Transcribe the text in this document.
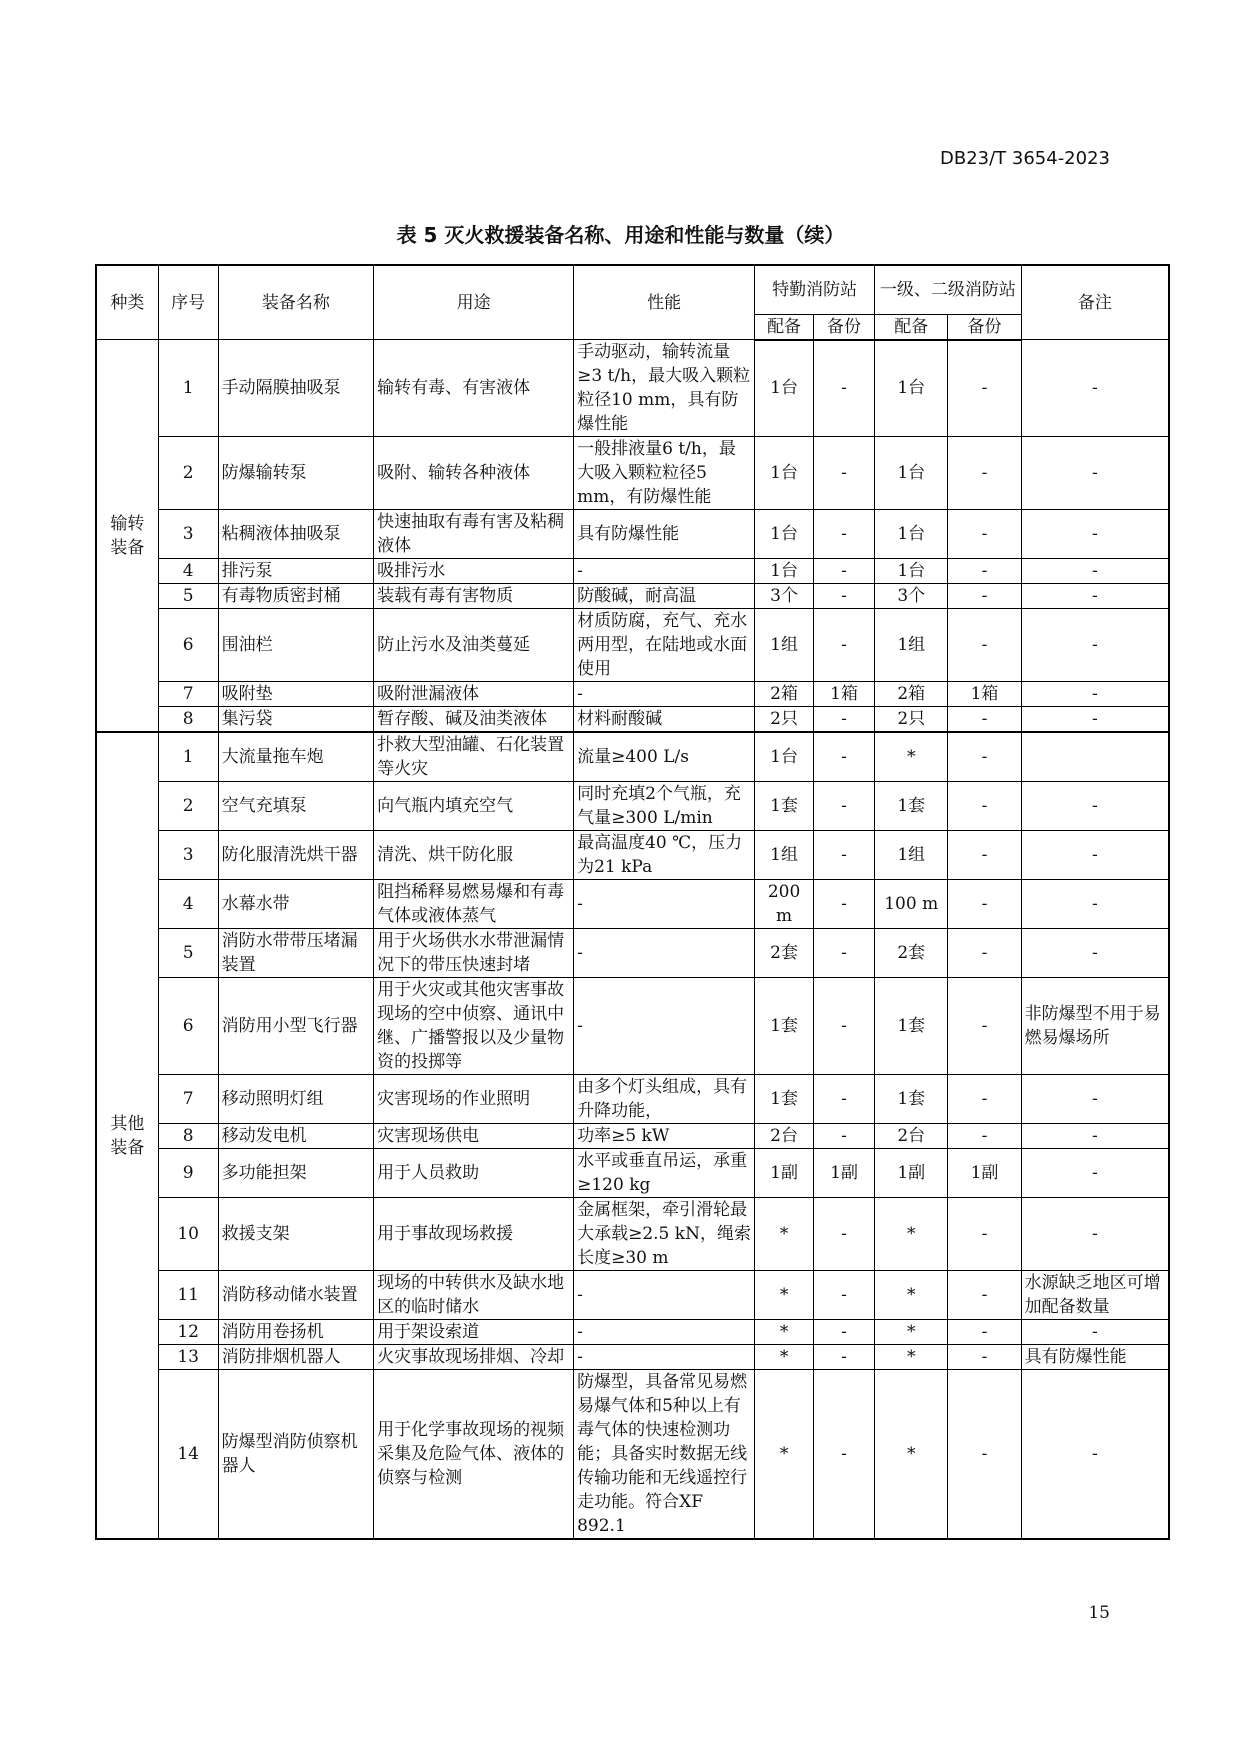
DB23/T 3654-2023
表 5 灭火救援装备名称、用途和性能与数量（续）
种类	序号	装备名称	用途	性能	特勤消防站		一级、二级消防站		备注
					配备	备份	配备	备份	

输转装备	1	手动隔膜抽吸泵	输转有毒、有害液体	手动驱动，输转流量≥3 t/h，最大吸入颗粒粒径10 mm，具有防爆性能	1台	-	1台	-	-
	2	防爆输转泵	吸附、输转各种液体	一般排液量6 t/h，最大吸入颗粒粒径5 mm，有防爆性能	1台	-	1台	-	-
	3	粘稠液体抽吸泵	快速抽取有毒有害及粘稠液体	具有防爆性能	1台	-	1台	-	-
	4	排污泵	吸排污水	-	1台	-	1台	-	-
	5	有毒物质密封桶	装载有毒有害物质	防酸碱，耐高温	3个	-	3个	-	-
	6	围油栏	防止污水及油类蔓延	材质防腐，充气、充水两用型，在陆地或水面使用	1组	-	1组	-	-
	7	吸附垫	吸附泄漏液体	-	2箱	1箱	2箱	1箱	-
	8	集污袋	暂存酸、碱及油类液体	材料耐酸碱	2只	-	2只	-	-

其他装备	1	大流量拖车炮	扑救大型油罐、石化装置等火灾	流量≥400 L/s	1台	-	*	-	
	2	空气充填泵	向气瓶内填充空气	同时充填2个气瓶，充气量≥300 L/min	1套	-	1套	-	-
	3	防化服清洗烘干器	清洗、烘干防化服	最高温度40 ℃，压力为21 kPa	1组	-	1组	-	-
	4	水幕水带	阻挡稀释易燃易爆和有毒气体或液体蒸气	-	200 m	-	100 m	-	-
	5	消防水带带压堵漏装置	用于火场供水水带泄漏情况下的带压快速封堵	-	2套	-	2套	-	-
	6	消防用小型飞行器	用于火灾或其他灾害事故现场的空中侦察、通讯中继、广播警报以及少量物资的投掷等	-	1套	-	1套	-	非防爆型不用于易燃易爆场所
	7	移动照明灯组	灾害现场的作业照明	由多个灯头组成，具有升降功能，	1套	-	1套	-	-
	8	移动发电机	灾害现场供电	功率≥5 kW	2台	-	2台	-	-
	9	多功能担架	用于人员救助	水平或垂直吊运，承重≥120 kg	1副	1副	1副	1副	-
	10	救援支架	用于事故现场救援	金属框架，牵引滑轮最大承载≥2.5 kN，绳索长度≥30 m	*	-	*	-	-
	11	消防移动储水装置	现场的中转供水及缺水地区的临时储水	-	*	-	*	-	水源缺乏地区可增加配备数量
	12	消防用卷扬机	用于架设索道	-	*	-	*	-	-
	13	消防排烟机器人	火灾事故现场排烟、冷却	-	*	-	*	-	具有防爆性能
	14	防爆型消防侦察机器人	用于化学事故现场的视频采集及危险气体、液体的侦察与检测	防爆型，具备常见易燃易爆气体和5种以上有毒气体的快速检测功能；具备实时数据无线传输功能和无线遥控行走功能。符合XF 892.1	*	-	*	-	-
15
